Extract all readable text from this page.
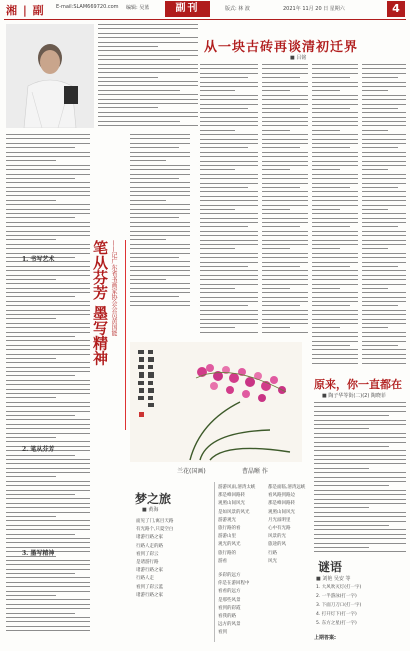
湘 | 副 E-mail:SLAM669720.com 编辑: 吴蓝	副刊	版式: 林 波	2021年 11月 20 日 星期六	4
1. 书写艺术
2. 笔从芬芳
3. 墨写精神
笔从芬芳 墨写精神 ——记广东省书画家协会会员黄国能
从一块古砖再谈清初迁界
■ 吕铭
兰花(国画)	曹晶晰 作
原来，你一直都在
■ 陶子华等街(二)(2) 陶晓菲
梦之旅
■ 黄海
面见了门,寓目天路
有光路个,只夏空白
诸游行路之家
行路人走的路
看到了彩云
是诸游行路
诸游行路之家
行路人走
看到了彩云蓝
诸游行路之家
游游风雨,溶湾太峡
那是峰回路转
观照山间风光
是如风景的风光
游游观光
旅行路的看
游游山里
观光的风光
旅行路的
游看
多彩的远方
你是在游回程中
看看的远方
是那些风景
看到的彩霞
看我的路
远方的风景
看到
都是面临,溶湾远峡
看风路到路边
那是峰回路转
观照山间风光
月光溢明里
心中有光路
风景的光
旅途的风
行路
风光	谜语
■ 刘艳 吴安 等
1. 大风吹灭灯(打一字)
2. 一半游泳(打一字)
3. 下面刀刀口(打一字)
4. 打开灯下(打一字)
5. 东方之星(打一字)
上期答案:
